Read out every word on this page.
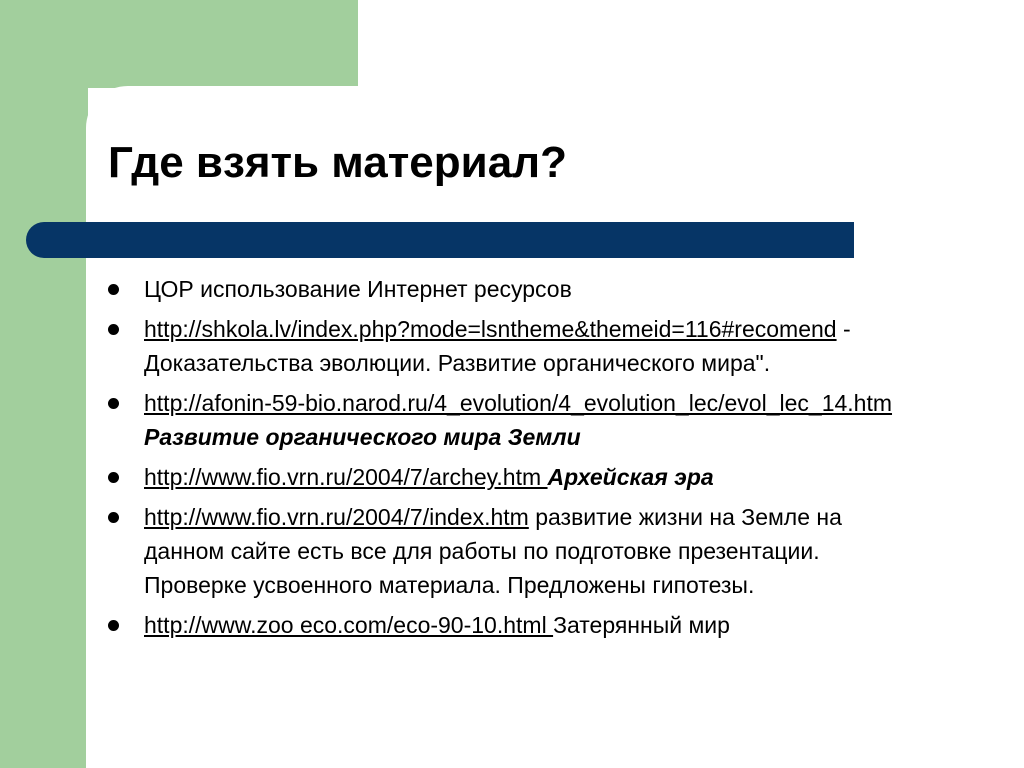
Где взять материал?
ЦОР использование Интернет ресурсов
http://shkola.lv/index.php?mode=lsntheme&themeid=116#recomend - Доказательства эволюции. Развитие органического мира".
http://afonin-59-bio.narod.ru/4_evolution/4_evolution_lec/evol_lec_14.htm
Развитие органического мира Земли
http://www.fio.vrn.ru/2004/7/archey.htm Архейская эра
http://www.fio.vrn.ru/2004/7/index.htm развитие жизни на Земле на данном сайте есть все для работы по подготовке презентации. Проверке усвоенного материала. Предложены гипотезы.
http://www.zoo eco.com/eco-90-10.html Затерянный мир
